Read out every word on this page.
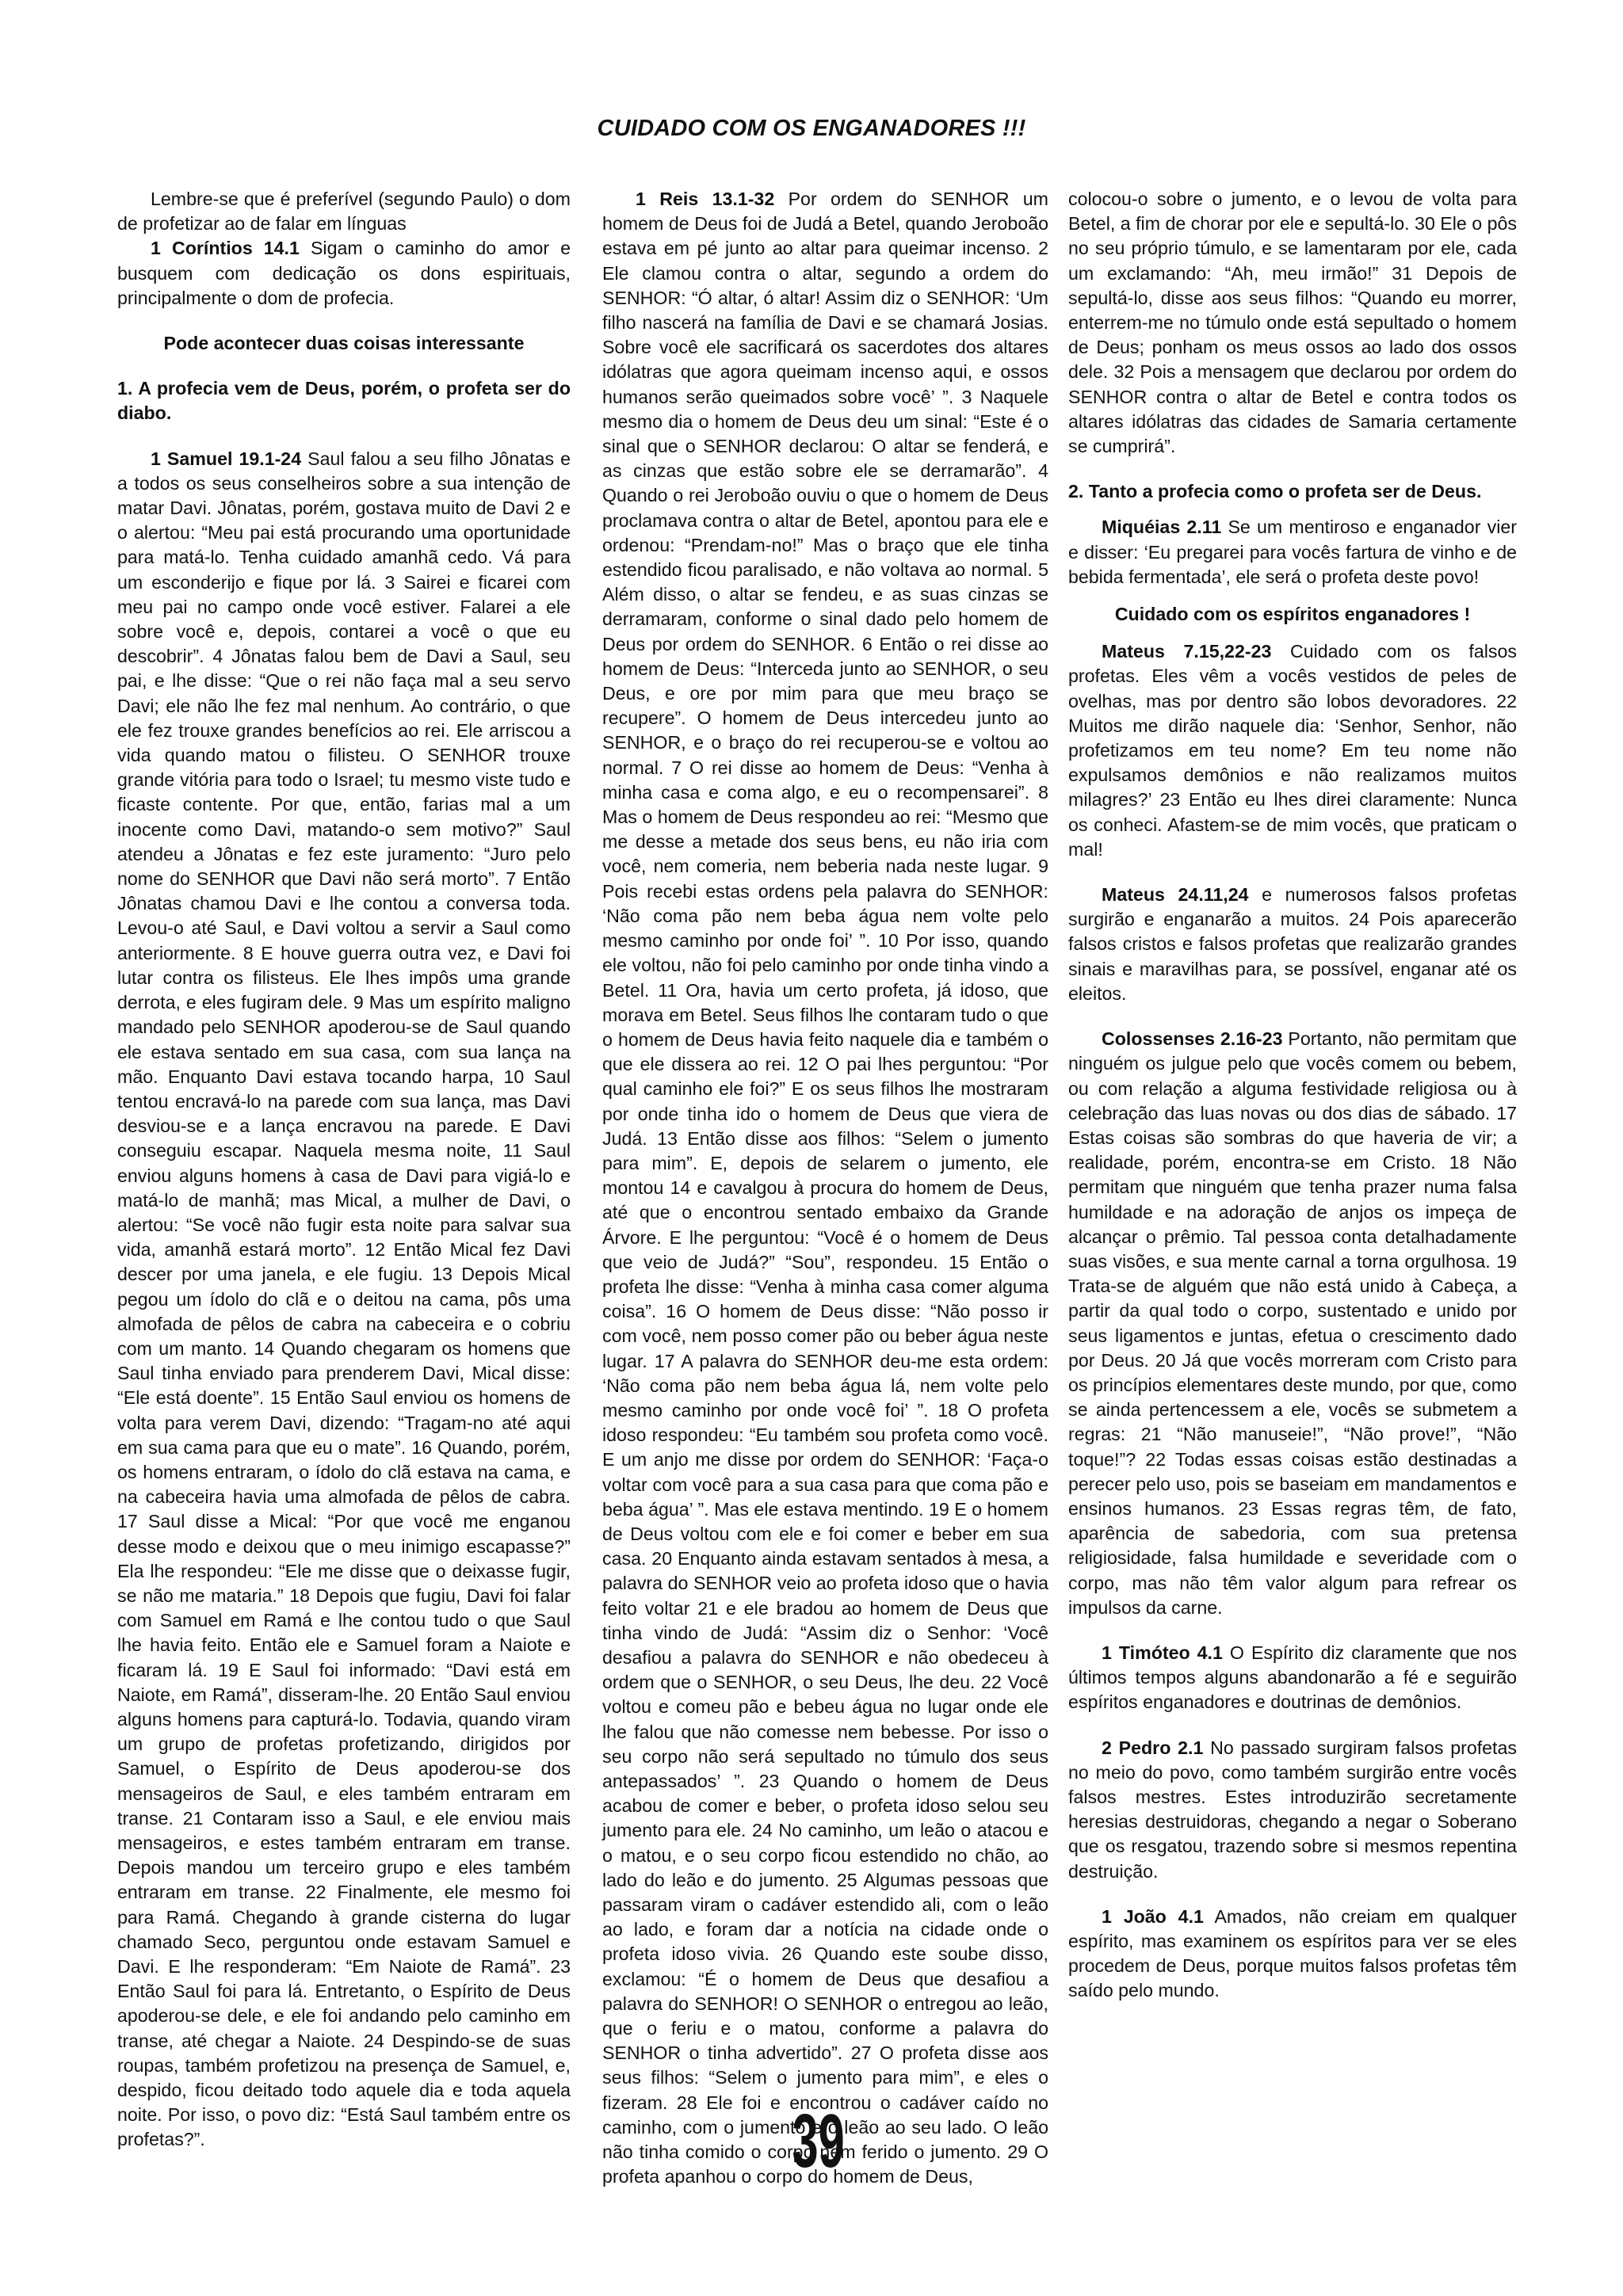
CUIDADO COM OS ENGANADORES !!!

Lembre-se que é preferível (segundo Paulo) o dom de profetizar ao de falar em línguas

1 Coríntios 14.1 Sigam o caminho do amor e busquem com dedicação os dons espirituais, principalmente o dom de profecia.

Pode acontecer duas coisas interessante

1. A profecia vem de Deus, porém, o profeta ser do diabo.

1 Samuel 19.1-24 Saul falou a seu filho Jônatas e a todos os seus conselheiros sobre a sua intenção de matar Davi. Jônatas, porém, gostava muito de Davi 2 e o alertou: “Meu pai está procurando uma oportunidade para matá-lo. Tenha cuidado amanhã cedo. Vá para um esconderijo e fique por lá. 3 Sairei e ficarei com meu pai no campo onde você estiver. Falarei a ele sobre você e, depois, contarei a você o que eu descobrir”. 4 Jônatas falou bem de Davi a Saul, seu pai, e lhe disse: “Que o rei não faça mal a seu servo Davi; ele não lhe fez mal nenhum. Ao contrário, o que ele fez trouxe grandes benefícios ao rei. Ele arriscou a vida quando matou o filisteu. O SENHOR trouxe grande vitória para todo o Israel; tu mesmo viste tudo e ficaste contente. Por que, então, farias mal a um inocente como Davi, matando-o sem motivo?” Saul atendeu a Jônatas e fez este juramento: “Juro pelo nome do SENHOR que Davi não será morto”. 7 Então Jônatas chamou Davi e lhe contou a conversa toda. Levou-o até Saul, e Davi voltou a servir a Saul como anteriormente. 8 E houve guerra outra vez, e Davi foi lutar contra os filisteus. Ele lhes impôs uma grande derrota, e eles fugiram dele. 9 Mas um espírito maligno mandado pelo SENHOR apoderou-se de Saul quando ele estava sentado em sua casa, com sua lança na mão. Enquanto Davi estava tocando harpa, 10 Saul tentou encravá-lo na parede com sua lança, mas Davi desviou-se e a lança encravou na parede. E Davi conseguiu escapar. Naquela mesma noite, 11 Saul enviou alguns homens à casa de Davi para vigiá-lo e matá-lo de manhã; mas Mical, a mulher de Davi, o alertou: “Se você não fugir esta noite para salvar sua vida, amanhã estará morto”. 12 Então Mical fez Davi descer por uma janela, e ele fugiu. 13 Depois Mical pegou um ídolo do clã e o deitou na cama, pôs uma almofada de pêlos de cabra na cabeceira e o cobriu com um manto. 14 Quando chegaram os homens que Saul tinha enviado para prenderem Davi, Mical disse: “Ele está doente”. 15 Então Saul enviou os homens de volta para verem Davi, dizendo: “Tragam-no até aqui em sua cama para que eu o mate”. 16 Quando, porém, os homens entraram, o ídolo do clã estava na cama, e na cabeceira havia uma almofada de pêlos de cabra. 17 Saul disse a Mical: “Por que você me enganou desse modo e deixou que o meu inimigo escapasse?” Ela lhe respondeu: “Ele me disse que o deixasse fugir, se não me mataria.” 18 Depois que fugiu, Davi foi falar com Samuel em Ramá e lhe contou tudo o que Saul lhe havia feito. Então ele e Samuel foram a Naiote e ficaram lá. 19 E Saul foi informado: “Davi está em Naiote, em Ramá”, disseram-lhe. 20 Então Saul enviou alguns homens para capturá-lo. Todavia, quando viram um grupo de profetas profetizando, dirigidos por Samuel, o Espírito de Deus apoderou-se dos mensageiros de Saul, e eles também entraram em transe. 21 Contaram isso a Saul, e ele enviou mais mensageiros, e estes também entraram em transe. Depois mandou um terceiro grupo e eles também entraram em transe. 22 Finalmente, ele mesmo foi para Ramá. Chegando à grande cisterna do lugar chamado Seco, perguntou onde estavam Samuel e Davi. E lhe responderam: “Em Naiote de Ramá”. 23 Então Saul foi para lá. Entretanto, o Espírito de Deus apoderou-se dele, e ele foi andando pelo caminho em transe, até chegar a Naiote. 24 Despindo-se de suas roupas, também profetizou na presença de Samuel, e, despido, ficou deitado todo aquele dia e toda aquela noite. Por isso, o povo diz: “Está Saul também entre os profetas?”.

1 Reis 13.1-32 Por ordem do SENHOR um homem de Deus foi de Judá a Betel, quando Jeroboão estava em pé junto ao altar para queimar incenso. 2 Ele clamou contra o altar, segundo a ordem do SENHOR: “Ó altar, ó altar! Assim diz o SENHOR: ‘Um filho nascerá na família de Davi e se chamará Josias. Sobre você ele sacrificará os sacerdotes dos altares idólatras que agora queimam incenso aqui, e ossos humanos serão queimados sobre você’ ”. 3 Naquele mesmo dia o homem de Deus deu um sinal: “Este é o sinal que o SENHOR declarou: O altar se fenderá, e as cinzas que estão sobre ele se derramarão”. 4 Quando o rei Jeroboão ouviu o que o homem de Deus proclamava contra o altar de Betel, apontou para ele e ordenou: “Prendam-no!” Mas o braço que ele tinha estendido ficou paralisado, e não voltava ao normal. 5 Além disso, o altar se fendeu, e as suas cinzas se derramaram, conforme o sinal dado pelo homem de Deus por ordem do SENHOR. 6 Então o rei disse ao homem de Deus: “Interceda junto ao SENHOR, o seu Deus, e ore por mim para que meu braço se recupere”. O homem de Deus intercedeu junto ao SENHOR, e o braço do rei recuperou-se e voltou ao normal. 7 O rei disse ao homem de Deus: “Venha à minha casa e coma algo, e eu o recompensarei”. 8 Mas o homem de Deus respondeu ao rei: “Mesmo que me desse a metade dos seus bens, eu não iria com você, nem comeria, nem beberia nada neste lugar. 9 Pois recebi estas ordens pela palavra do SENHOR: ‘Não coma pão nem beba água nem volte pelo mesmo caminho por onde foi’ ”. 10 Por isso, quando ele voltou, não foi pelo caminho por onde tinha vindo a Betel. 11 Ora, havia um certo profeta, já idoso, que morava em Betel. Seus filhos lhe contaram tudo o que o homem de Deus havia feito naquele dia e também o que ele dissera ao rei. 12 O pai lhes perguntou: “Por qual caminho ele foi?” E os seus filhos lhe mostraram por onde tinha ido o homem de Deus que viera de Judá. 13 Então disse aos filhos: “Selem o jumento para mim”. E, depois de selarem o jumento, ele montou 14 e cavalgou à procura do homem de Deus, até que o encontrou sentado embaixo da Grande Árvore. E lhe perguntou: “Você é o homem de Deus que veio de Judá?” “Sou”, respondeu. 15 Então o profeta lhe disse: “Venha à minha casa comer alguma coisa”. 16 O homem de Deus disse: “Não posso ir com você, nem posso comer pão ou beber água neste lugar. 17 A palavra do SENHOR deu-me esta ordem: ‘Não coma pão nem beba água lá, nem volte pelo mesmo caminho por onde você foi’ ”. 18 O profeta idoso respondeu: “Eu também sou profeta como você. E um anjo me disse por ordem do SENHOR: ‘Faça-o voltar com você para a sua casa para que coma pão e beba água’ ”. Mas ele estava mentindo. 19 E o homem de Deus voltou com ele e foi comer e beber em sua casa. 20 Enquanto ainda estavam sentados à mesa, a palavra do SENHOR veio ao profeta idoso que o havia feito voltar 21 e ele bradou ao homem de Deus que tinha vindo de Judá: “Assim diz o Senhor: ‘Você desafiou a palavra do SENHOR e não obedeceu à ordem que o SENHOR, o seu Deus, lhe deu. 22 Você voltou e comeu pão e bebeu água no lugar onde ele lhe falou que não comesse nem bebesse. Por isso o seu corpo não será sepultado no túmulo dos seus antepassados’ ”. 23 Quando o homem de Deus acabou de comer e beber, o profeta idoso selou seu jumento para ele. 24 No caminho, um leão o atacou e o matou, e o seu corpo ficou estendido no chão, ao lado do leão e do jumento. 25 Algumas pessoas que passaram viram o cadáver estendido ali, com o leão ao lado, e foram dar a notícia na cidade onde o profeta idoso vivia. 26 Quando este soube disso, exclamou: “É o homem de Deus que desafiou a palavra do SENHOR! O SENHOR o entregou ao leão, que o feriu e o matou, conforme a palavra do SENHOR o tinha advertido”. 27 O profeta disse aos seus filhos: “Selem o jumento para mim”, e eles o fizeram. 28 Ele foi e encontrou o cadáver caído no caminho, com o jumento e o leão ao seu lado. O leão não tinha comido o corpo nem ferido o jumento. 29 O profeta apanhou o corpo do homem de Deus,

colocou-o sobre o jumento, e o levou de volta para Betel, a fim de chorar por ele e sepultá-lo. 30 Ele o pôs no seu próprio túmulo, e se lamentaram por ele, cada um exclamando: “Ah, meu irmão!” 31 Depois de sepultá-lo, disse aos seus filhos: “Quando eu morrer, enterrem-me no túmulo onde está sepultado o homem de Deus; ponham os meus ossos ao lado dos ossos dele. 32 Pois a mensagem que declarou por ordem do SENHOR contra o altar de Betel e contra todos os altares idólatras das cidades de Samaria certamente se cumprirá”.

2. Tanto a profecia como o profeta ser de Deus.

Miquéias 2.11 Se um mentiroso e enganador vier e disser: ‘Eu pregarei para vocês fartura de vinho e de bebida fermentada’, ele será o profeta deste povo!

Cuidado com os espíritos enganadores !

Mateus 7.15,22-23 Cuidado com os falsos profetas. Eles vêm a vocês vestidos de peles de ovelhas, mas por dentro são lobos devoradores. 22 Muitos me dirão naquele dia: ‘Senhor, Senhor, não profetizamos em teu nome? Em teu nome não expulsamos demônios e não realizamos muitos milagres?’ 23 Então eu lhes direi claramente: Nunca os conheci. Afastem-se de mim vocês, que praticam o mal!

Mateus 24.11,24 e numerosos falsos profetas surgirão e enganarão a muitos. 24 Pois aparecerão falsos cristos e falsos profetas que realizarão grandes sinais e maravilhas para, se possível, enganar até os eleitos.

Colossenses 2.16-23 Portanto, não permitam que ninguém os julgue pelo que vocês comem ou bebem, ou com relação a alguma festividade religiosa ou à celebração das luas novas ou dos dias de sábado. 17 Estas coisas são sombras do que haveria de vir; a realidade, porém, encontra-se em Cristo. 18 Não permitam que ninguém que tenha prazer numa falsa humildade e na adoração de anjos os impeça de alcançar o prêmio. Tal pessoa conta detalhadamente suas visões, e sua mente carnal a torna orgulhosa. 19 Trata-se de alguém que não está unido à Cabeça, a partir da qual todo o corpo, sustentado e unido por seus ligamentos e juntas, efetua o crescimento dado por Deus. 20 Já que vocês morreram com Cristo para os princípios elementares deste mundo, por que, como se ainda pertencessem a ele, vocês se submetem a regras: 21 “Não manuseie!”, “Não prove!”, “Não toque!”? 22 Todas essas coisas estão destinadas a perecer pelo uso, pois se baseiam em mandamentos e ensinos humanos. 23 Essas regras têm, de fato, aparência de sabedoria, com sua pretensa religiosidade, falsa humildade e severidade com o corpo, mas não têm valor algum para refrear os impulsos da carne.

1 Timóteo 4.1 O Espírito diz claramente que nos últimos tempos alguns abandonarão a fé e seguirão espíritos enganadores e doutrinas de demônios.

2 Pedro 2.1 No passado surgiram falsos profetas no meio do povo, como também surgirão entre vocês falsos mestres. Estes introduzirão secretamente heresias destruidoras, chegando a negar o Soberano que os resgatou, trazendo sobre si mesmos repentina destruição.

1 João 4.1 Amados, não creiam em qualquer espírito, mas examinem os espíritos para ver se eles procedem de Deus, porque muitos falsos profetas têm saído pelo mundo.

39
